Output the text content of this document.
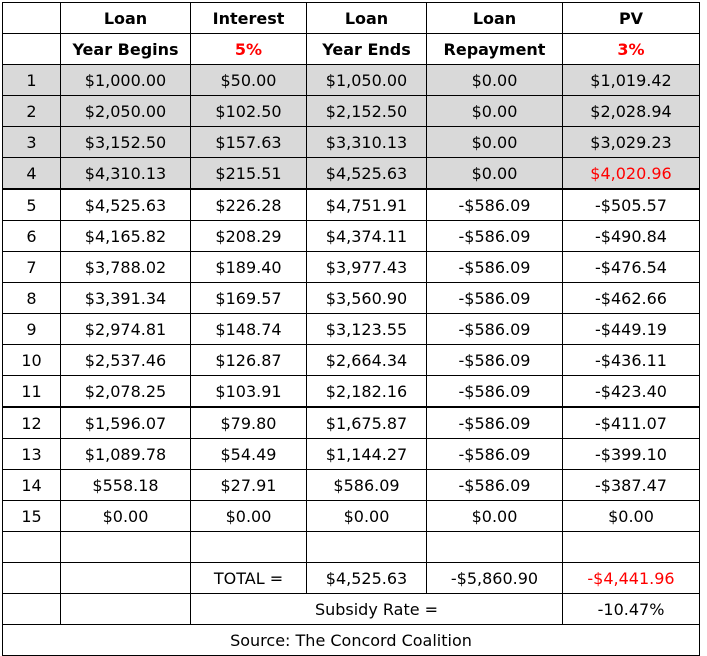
	Loan	Interest	Loan	Loan	PV
	Year Begins	5%	Year Ends	Repayment	3%
1	$1,000.00	$50.00	$1,050.00	$0.00	$1,019.42
2	$2,050.00	$102.50	$2,152.50	$0.00	$2,028.94
3	$3,152.50	$157.63	$3,310.13	$0.00	$3,029.23
4	$4,310.13	$215.51	$4,525.63	$0.00	$4,020.96
5	$4,525.63	$226.28	$4,751.91	-$586.09	-$505.57
6	$4,165.82	$208.29	$4,374.11	-$586.09	-$490.84
7	$3,788.02	$189.40	$3,977.43	-$586.09	-$476.54
8	$3,391.34	$169.57	$3,560.90	-$586.09	-$462.66
9	$2,974.81	$148.74	$3,123.55	-$586.09	-$449.19
10	$2,537.46	$126.87	$2,664.34	-$586.09	-$436.11
11	$2,078.25	$103.91	$2,182.16	-$586.09	-$423.40
12	$1,596.07	$79.80	$1,675.87	-$586.09	-$411.07
13	$1,089.78	$54.49	$1,144.27	-$586.09	-$399.10
14	$558.18	$27.91	$586.09	-$586.09	-$387.47
15	$0.00	$0.00	$0.00	$0.00	$0.00

		TOTAL =	$4,525.63	-$5,860.90	-$4,441.96
		Subsidy Rate =			-10.47%
Source: The Concord Coalition					
